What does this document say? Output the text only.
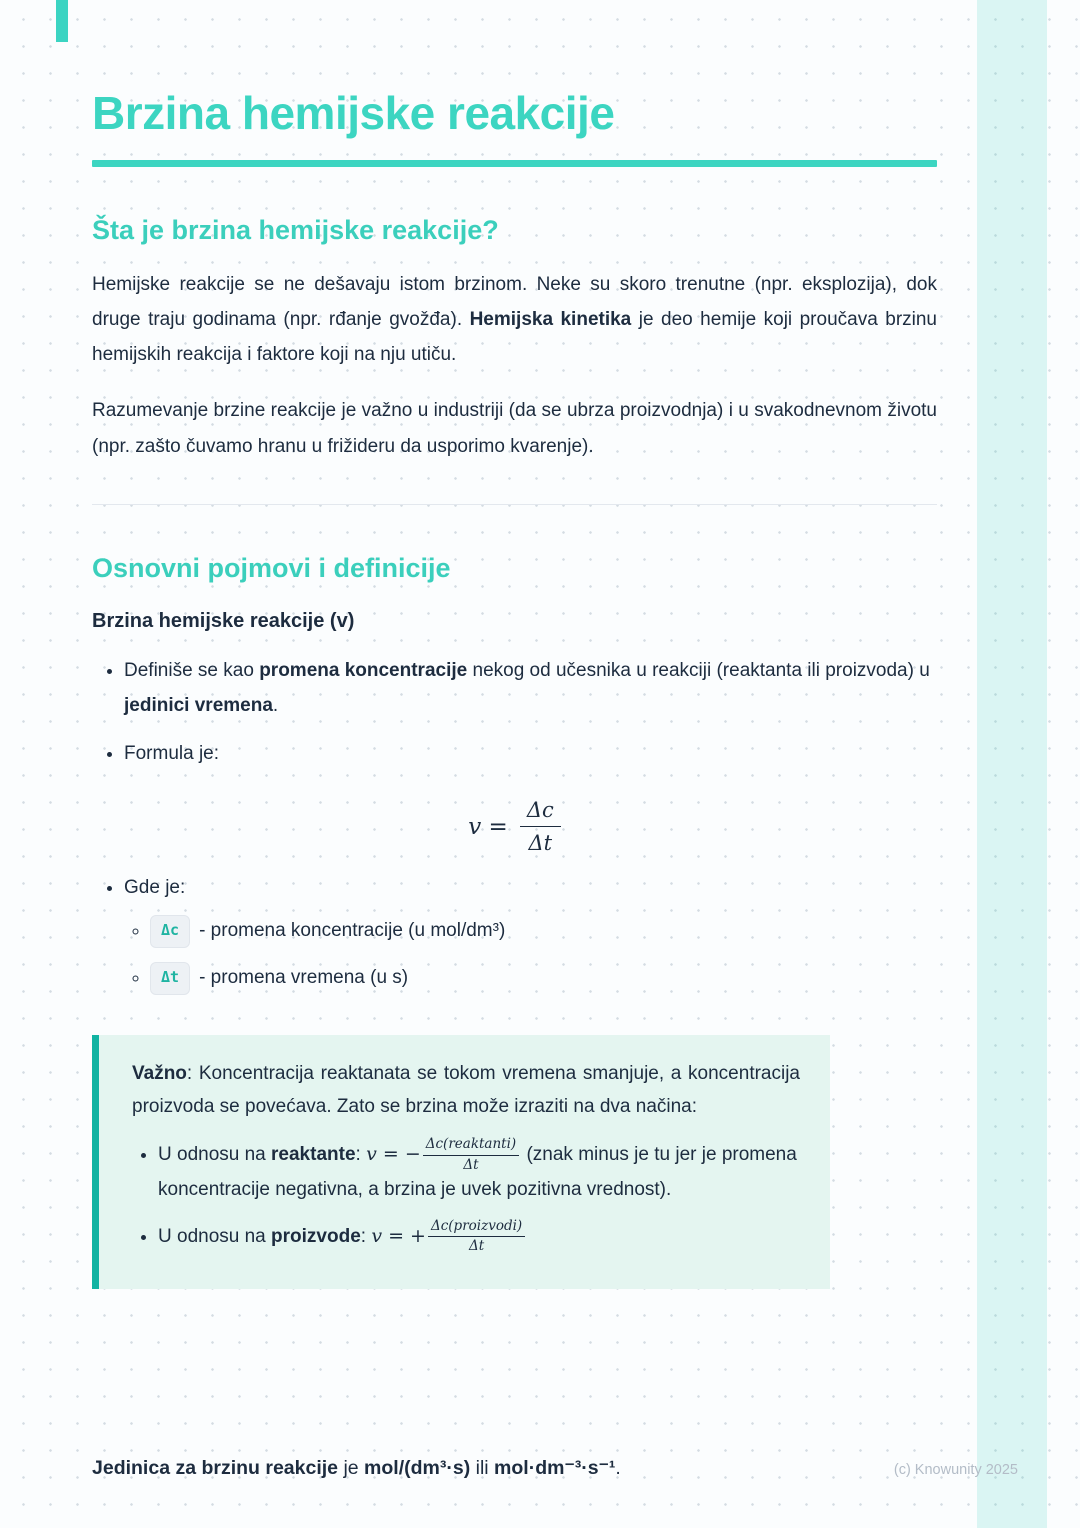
Brzina hemijske reakcije
Šta je brzina hemijske reakcije?

Hemijske reakcije se ne dešavaju istom brzinom. Neke su skoro trenutne (npr. eksplozija), dok druge traju godinama (npr. rđanje gvožđa). Hemijska kinetika je deo hemije koji proučava brzinu hemijskih reakcija i faktore koji na nju utiču.

Razumevanje brzine reakcije je važno u industriji (da se ubrza proizvodnja) i u svakodnevnom životu (npr. zašto čuvamo hranu u frižideru da usporimo kvarenje).

Osnovni pojmovi i definicije
Brzina hemijske reakcije (v)
• Definiše se kao promena koncentracije nekog od učesnika u reakciji (reaktanta ili proizvoda) u jedinici vremena.
• Formula je:
$v = \frac{\Delta c}{\Delta t}$
• Gde je:
◦ Δc - promena koncentracije (u mol/dm³)
◦ Δt - promena vremena (u s)

Važno: Koncentracija reaktanata se tokom vremena smanjuje, a koncentracija proizvoda se povećava. Zato se brzina može izraziti na dva načina:

• U odnosu na reaktante: v = − $\frac{\text{Δc(reaktanti)}}{\Delta t}$ (znak minus je tu jer je promena koncentracije negativna, a brzina je uvek pozitivna vrednost).
• U odnosu na proizvode: v = + $\frac{\text{Δc(proizvodi)}}{\Delta t}$
Jedinica za brzinu reakcije je mol/(dm³·s) ili mol·dm⁻³·s⁻¹.	(c) Knowunity 2025
